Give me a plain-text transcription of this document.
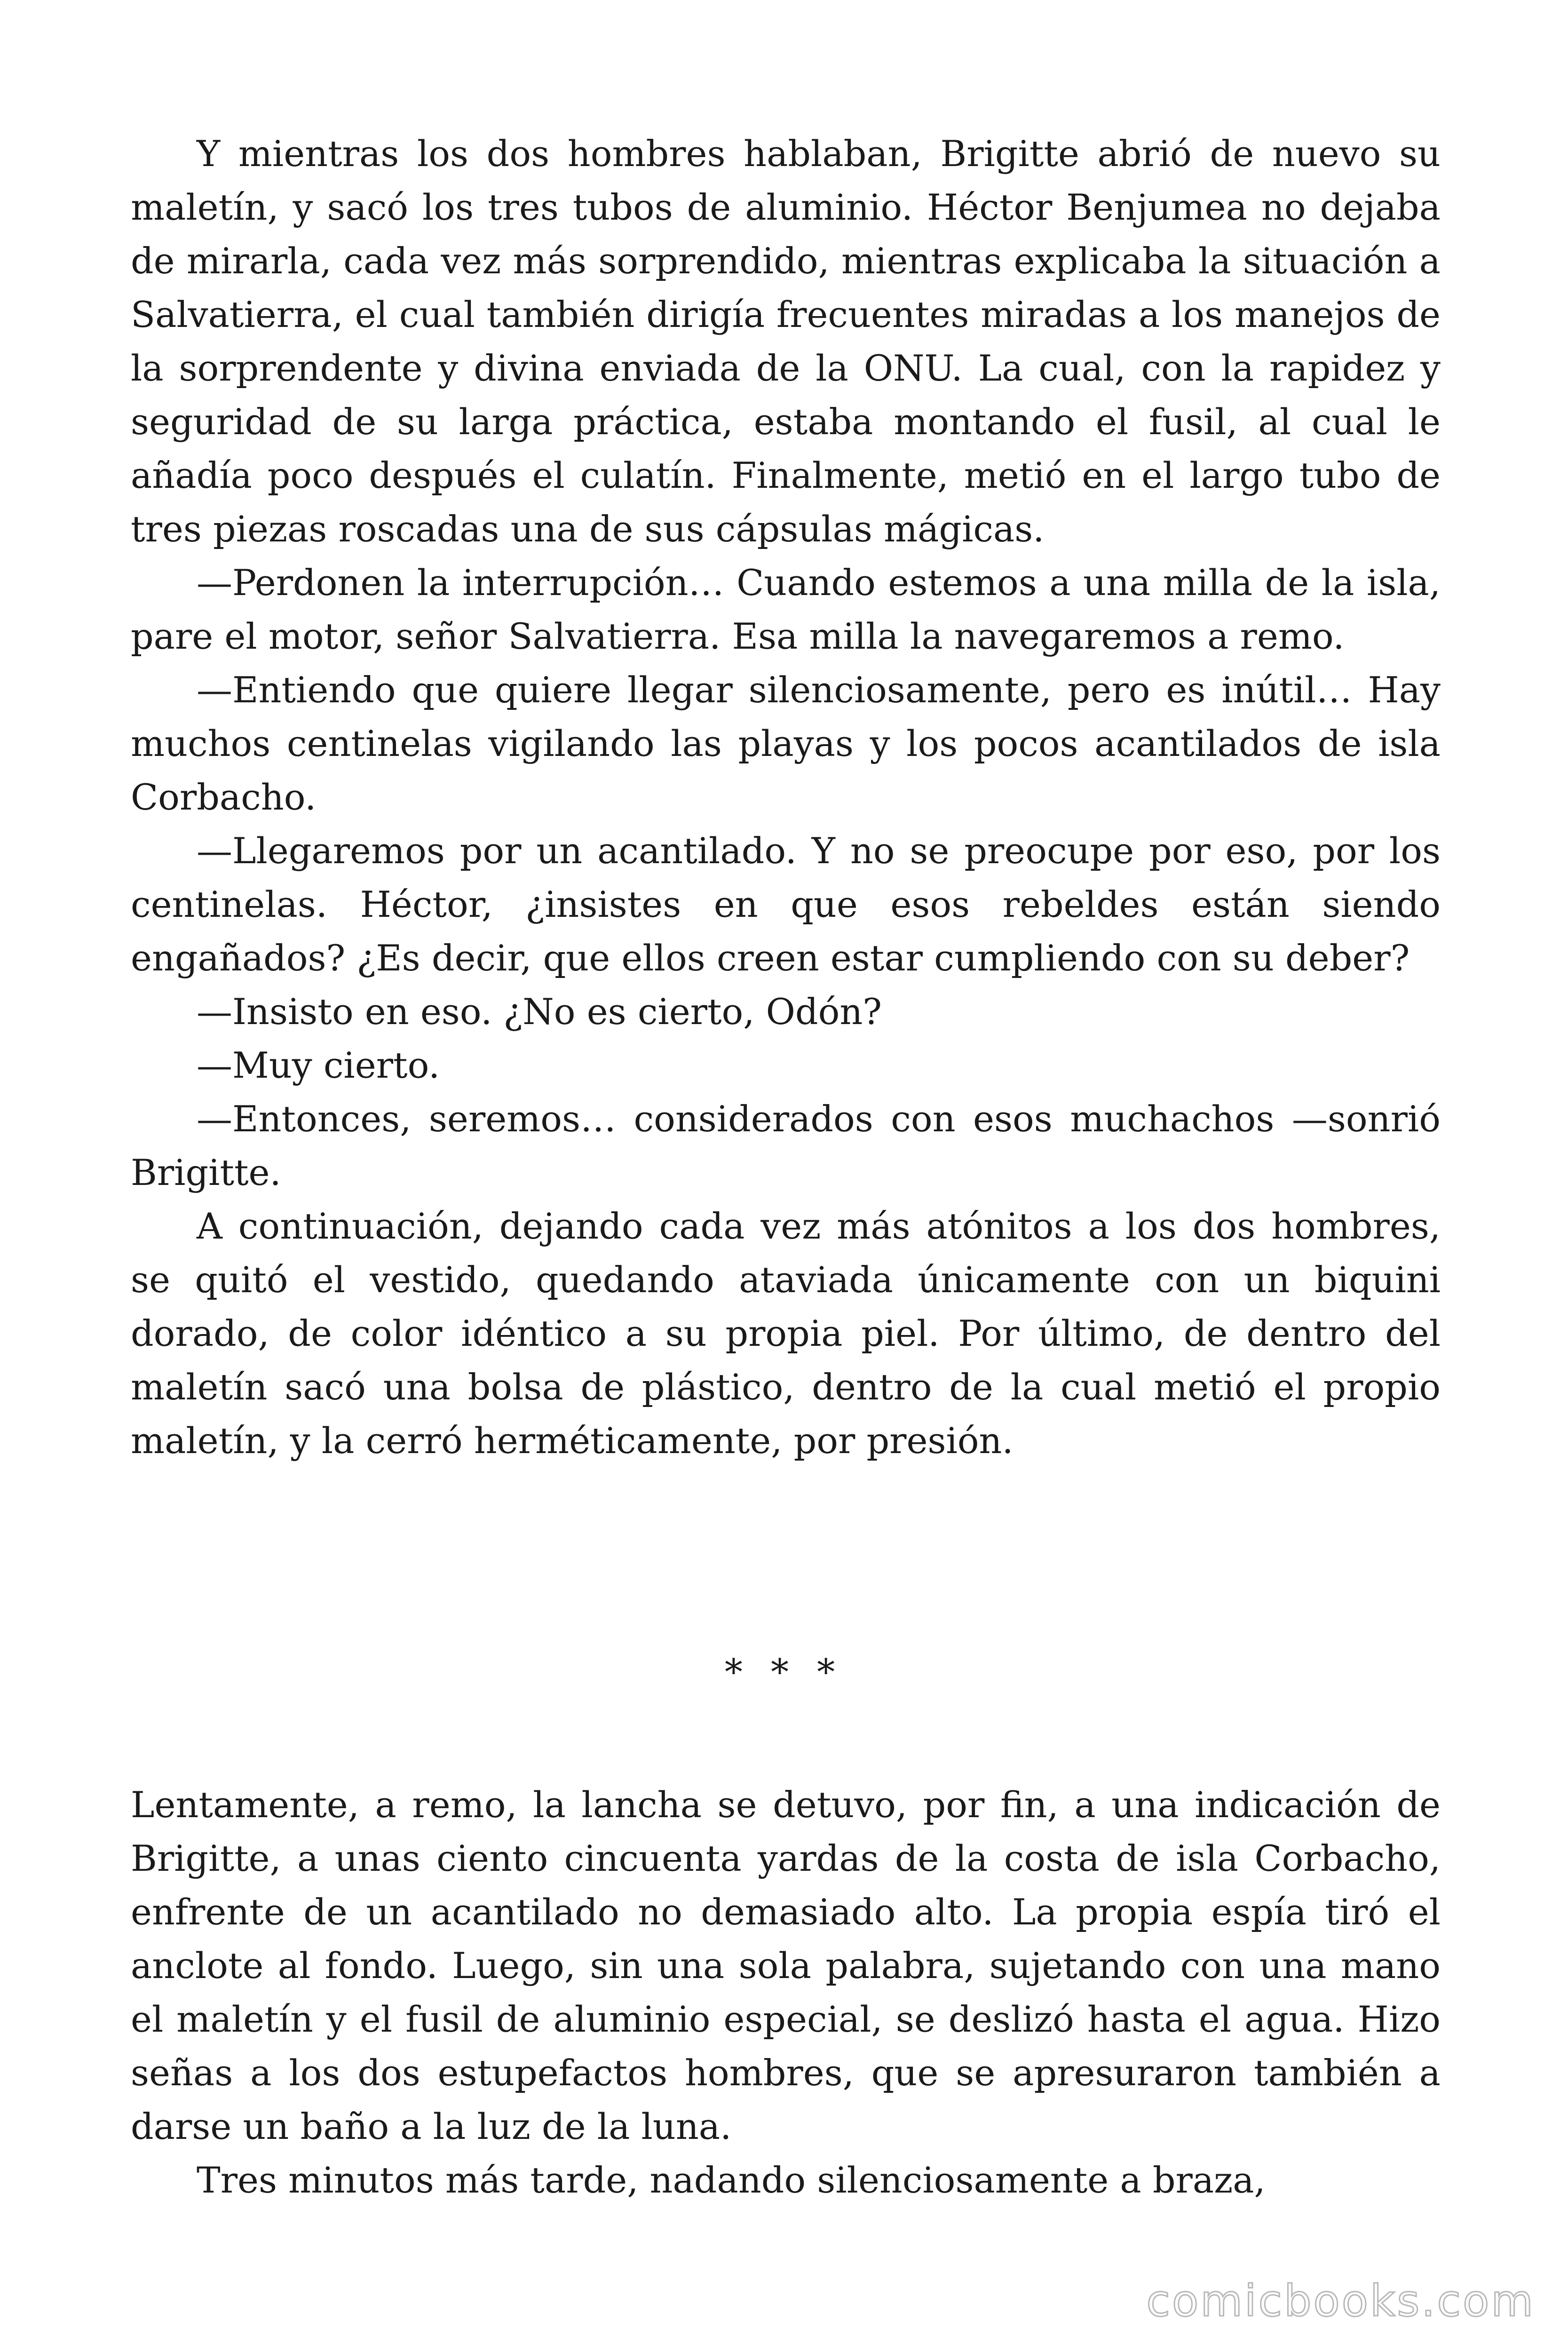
Y mientras los dos hombres hablaban, Brigitte abrió de nuevo su maletín, y sacó los tres tubos de aluminio. Héctor Benjumea no dejaba de mirarla, cada vez más sorprendido, mientras explicaba la situación a Salvatierra, el cual también dirigía frecuentes miradas a los manejos de la sorprendente y divina enviada de la ONU. La cual, con la rapidez y seguridad de su larga práctica, estaba montando el fusil, al cual le añadía poco después el culatín. Finalmente, metió en el largo tubo de tres piezas roscadas una de sus cápsulas mágicas.

—Perdonen la interrupción… Cuando estemos a una milla de la isla, pare el motor, señor Salvatierra. Esa milla la navegaremos a remo.

—Entiendo que quiere llegar silenciosamente, pero es inútil… Hay muchos centinelas vigilando las playas y los pocos acantilados de isla Corbacho.

—Llegaremos por un acantilado. Y no se preocupe por eso, por los centinelas. Héctor, ¿insistes en que esos rebeldes están siendo engañados? ¿Es decir, que ellos creen estar cumpliendo con su deber?

—Insisto en eso. ¿No es cierto, Odón?

—Muy cierto.

—Entonces, seremos… considerados con esos muchachos —sonrió Brigitte.

A continuación, dejando cada vez más atónitos a los dos hombres, se quitó el vestido, quedando ataviada únicamente con un biquini dorado, de color idéntico a su propia piel. Por último, de dentro del maletín sacó una bolsa de plástico, dentro de la cual metió el propio maletín, y la cerró herméticamente, por presión.

* * *

Lentamente, a remo, la lancha se detuvo, por fin, a una indicación de Brigitte, a unas ciento cincuenta yardas de la costa de isla Corbacho, enfrente de un acantilado no demasiado alto. La propia espía tiró el anclote al fondo. Luego, sin una sola palabra, sujetando con una mano el maletín y el fusil de aluminio especial, se deslizó hasta el agua. Hizo señas a los dos estupefactos hombres, que se apresuraron también a darse un baño a la luz de la luna.

Tres minutos más tarde, nadando silenciosamente a braza,

comicbooks.com
